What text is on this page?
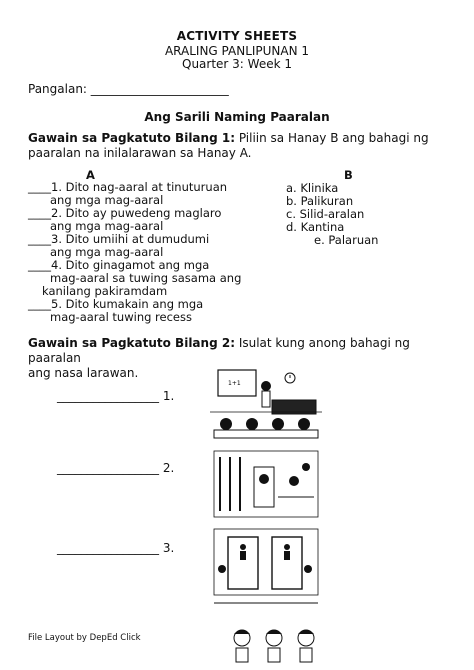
ACTIVITY SHEETS
ARALING PANLIPUNAN 1
Quarter 3: Week 1
Pangalan: _______________________
Ang Sarili Naming Paaralan
Gawain sa Pagkatuto Bilang 1: Piliin sa Hanay B ang bahagi ng
paaralan na inilalarawan sa Hanay A.
A	B
____1. Dito nag-aaral at tinuturuan
ang mga mag-aaral
____2. Dito ay puwedeng maglaro
ang mga mag-aaral
____3. Dito umiihi at dumudumi
ang mga mag-aaral
____4. Dito ginagamot ang mga
mag-aaral sa tuwing sasama ang
kanilang pakiramdam
____5. Dito kumakain ang mga
mag-aaral tuwing recess
a. Klinika
b. Palikuran
c. Silid-aralan
d. Kantina
e. Palaruan
Gawain sa Pagkatuto Bilang 2: Isulat kung anong bahagi ng paaralan
ang nasa larawan.
_________________ 1.
_________________ 2.
_________________ 3.
1+1
File Layout by DepEd Click
